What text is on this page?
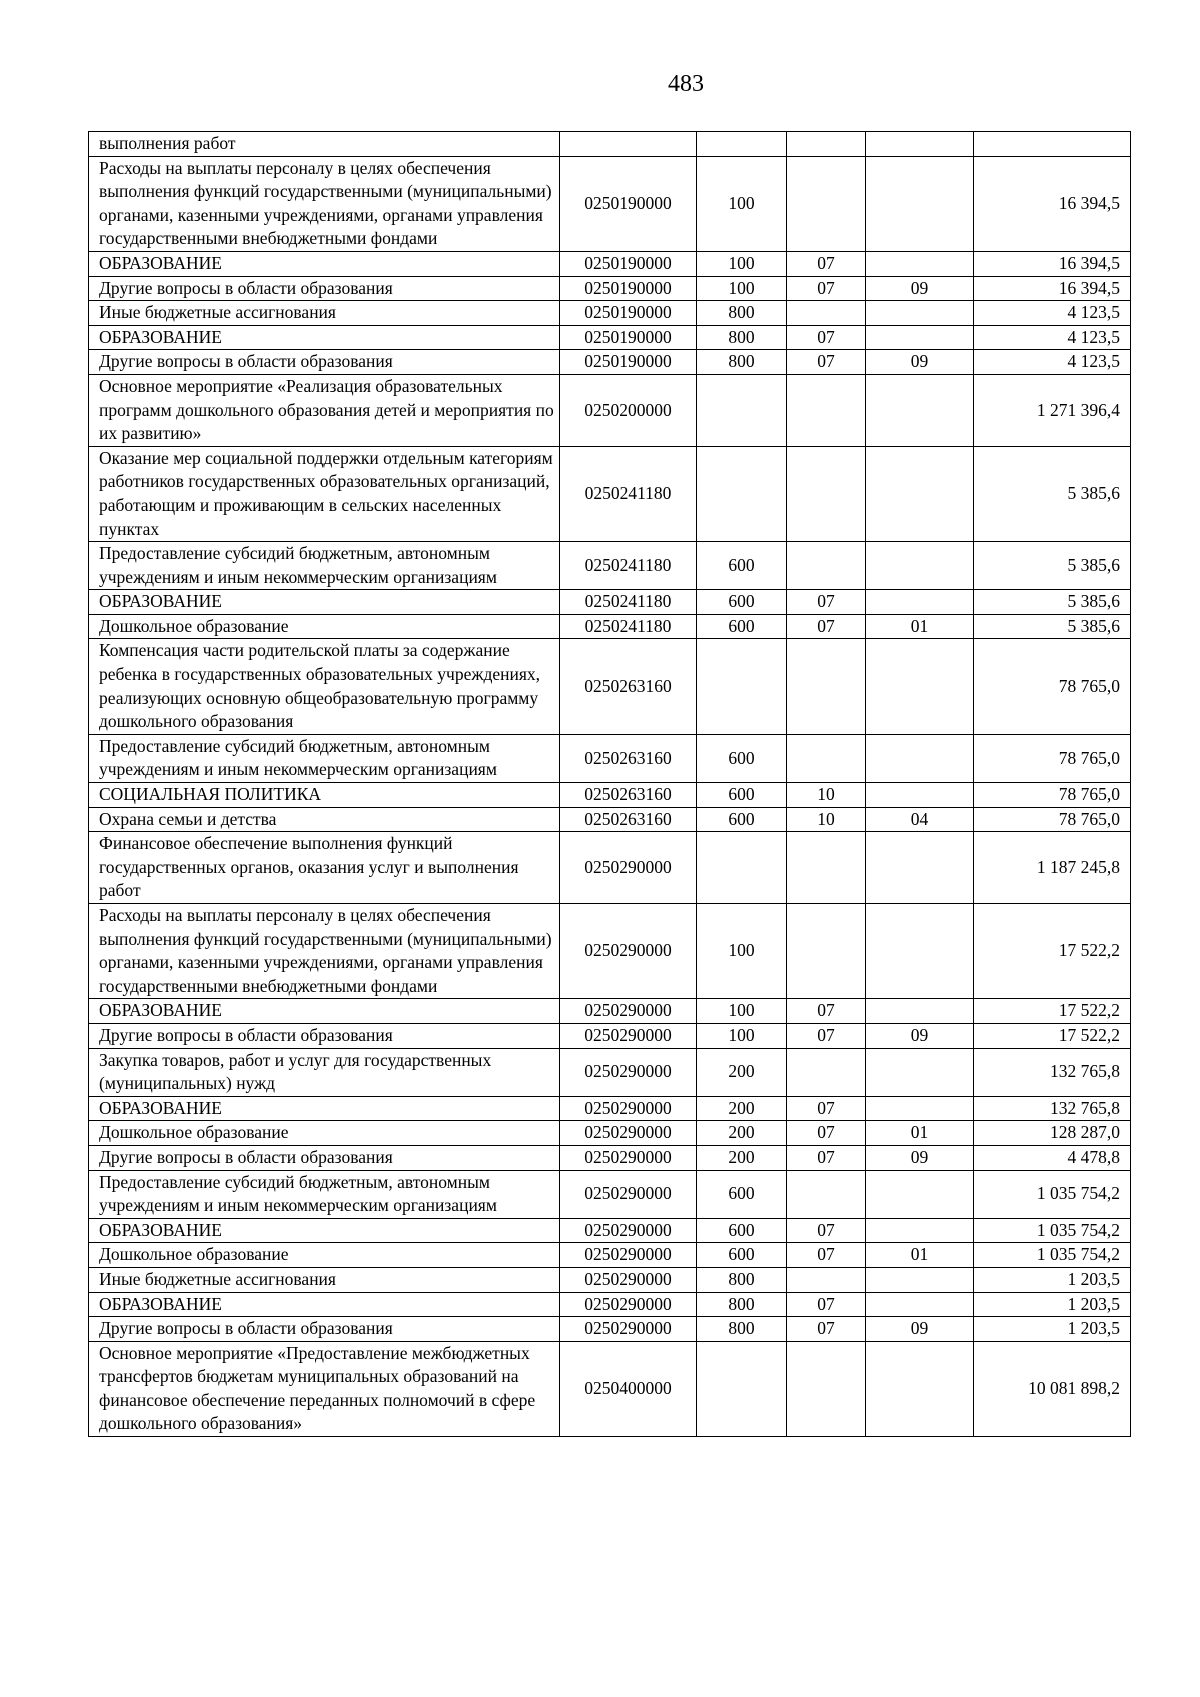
483
выполнения работ					
Расходы на выплаты персоналу в целях обеспечения выполнения функций государственными (муниципальными) органами, казенными учреждениями, органами управления государственными внебюджетными фондами	0250190000	100			16 394,5
ОБРАЗОВАНИЕ	0250190000	100	07		16 394,5
Другие вопросы в области образования	0250190000	100	07	09	16 394,5
Иные бюджетные ассигнования	0250190000	800			4 123,5
ОБРАЗОВАНИЕ	0250190000	800	07		4 123,5
Другие вопросы в области образования	0250190000	800	07	09	4 123,5
Основное мероприятие «Реализация образовательных программ дошкольного образования детей и мероприятия по их развитию»	0250200000				1 271 396,4
Оказание мер социальной поддержки отдельным категориям работников государственных образовательных организаций, работающим и проживающим в сельских населенных пунктах	0250241180				5 385,6
Предоставление субсидий бюджетным, автономным учреждениям и иным некоммерческим организациям	0250241180	600			5 385,6
ОБРАЗОВАНИЕ	0250241180	600	07		5 385,6
Дошкольное образование	0250241180	600	07	01	5 385,6
Компенсация части родительской платы за содержание ребенка в государственных образовательных учреждениях, реализующих основную общеобразовательную программу дошкольного образования	0250263160				78 765,0
Предоставление субсидий бюджетным, автономным учреждениям и иным некоммерческим организациям	0250263160	600			78 765,0
СОЦИАЛЬНАЯ ПОЛИТИКА	0250263160	600	10		78 765,0
Охрана семьи и детства	0250263160	600	10	04	78 765,0
Финансовое обеспечение выполнения функций государственных органов, оказания услуг и выполнения работ	0250290000				1 187 245,8
Расходы на выплаты персоналу в целях обеспечения выполнения функций государственными (муниципальными) органами, казенными учреждениями, органами управления государственными внебюджетными фондами	0250290000	100			17 522,2
ОБРАЗОВАНИЕ	0250290000	100	07		17 522,2
Другие вопросы в области образования	0250290000	100	07	09	17 522,2
Закупка товаров, работ и услуг для государственных (муниципальных) нужд	0250290000	200			132 765,8
ОБРАЗОВАНИЕ	0250290000	200	07		132 765,8
Дошкольное образование	0250290000	200	07	01	128 287,0
Другие вопросы в области образования	0250290000	200	07	09	4 478,8
Предоставление субсидий бюджетным, автономным учреждениям и иным некоммерческим организациям	0250290000	600			1 035 754,2
ОБРАЗОВАНИЕ	0250290000	600	07		1 035 754,2
Дошкольное образование	0250290000	600	07	01	1 035 754,2
Иные бюджетные ассигнования	0250290000	800			1 203,5
ОБРАЗОВАНИЕ	0250290000	800	07		1 203,5
Другие вопросы в области образования	0250290000	800	07	09	1 203,5
Основное мероприятие «Предоставление межбюджетных трансфертов бюджетам муниципальных образований на финансовое обеспечение переданных полномочий в сфере дошкольного образования»	0250400000				10 081 898,2
